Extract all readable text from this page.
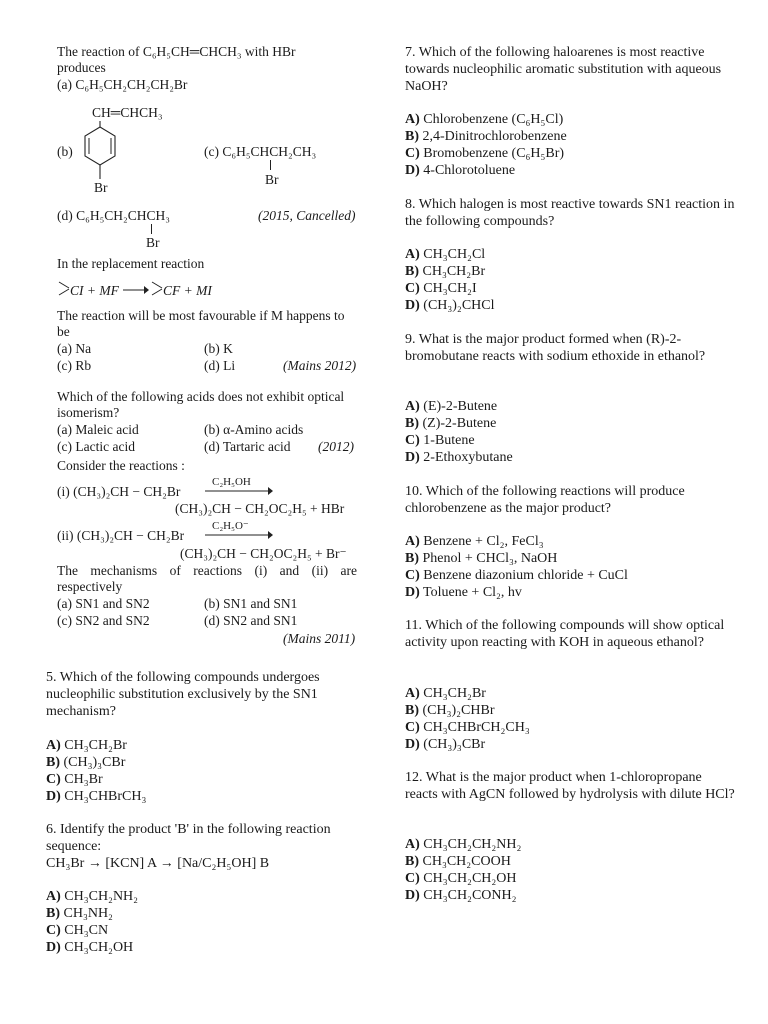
The reaction of C₆H₅CH═CHCH₃ with HBr
produces
(a) C₆H₅CH₂CH₂CH₂Br
CH═CHCH₃
(b)
Br
(c) C₆H₅CHCH₂CH₃
Br
(d) C₆H₅CH₂CHCH₃	(2015, Cancelled)
Br
In the replacement reaction
CI + MF → CF + MI
The reaction will be most favourable if M happens to
be
(a) Na	(b) K
(c) Rb	(d) Li	(Mains 2012)
Which of the following acids does not exhibit optical
isomerism?
(a) Maleic acid	(b) α-Amino acids
(c) Lactic acid	(d) Tartaric acid (2012)
Consider the reactions :
(i) (CH₃)₂CH − CH₂Br
C₂H₅OH
(CH₃)₂CH − CH₂OC₂H₅ + HBr
(ii) (CH₃)₂CH − CH₂Br
C₂H₅O⁻
(CH₃)₂CH − CH₂OC₂H₅ + Br⁻
The mechanisms of reactions (i) and (ii) are
respectively
(a) SN1 and SN2	(b) SN1 and SN1
(c) SN2 and SN2	(d) SN2 and SN1
(Mains 2011)
5. Which of the following compounds undergoes nucleophilic substitution exclusively by the SN1 mechanism?
A) CH₃CH₂Br
B) (CH₃)₃CBr
C) CH₃Br
D) CH₃CHBrCH₃
6. Identify the product 'B' in the following reaction sequence:
CH₃Br → [KCN] A → [Na/C₂H₅OH] B
A) CH₃CH₂NH₂
B) CH₃NH₂
C) CH₃CN
D) CH₃CH₂OH
7. Which of the following haloarenes is most reactive towards nucleophilic aromatic substitution with aqueous NaOH?
A) Chlorobenzene (C₆H₅Cl)
B) 2,4-Dinitrochlorobenzene
C) Bromobenzene (C₆H₅Br)
D) 4-Chlorotoluene
8. Which halogen is most reactive towards SN1 reaction in the following compounds?
A) CH₃CH₂Cl
B) CH₃CH₂Br
C) CH₃CH₂I
D) (CH₃)₂CHCl
9. What is the major product formed when (R)-2-bromobutane reacts with sodium ethoxide in ethanol?
A) (E)-2-Butene
B) (Z)-2-Butene
C) 1-Butene
D) 2-Ethoxybutane
10. Which of the following reactions will produce chlorobenzene as the major product?
A) Benzene + Cl₂, FeCl₃
B) Phenol + CHCl₃, NaOH
C) Benzene diazonium chloride + CuCl
D) Toluene + Cl₂, hv
11. Which of the following compounds will show optical activity upon reacting with KOH in aqueous ethanol?
A) CH₃CH₂Br
B) (CH₃)₂CHBr
C) CH₃CHBrCH₂CH₃
D) (CH₃)₃CBr
12. What is the major product when 1-chloropropane reacts with AgCN followed by hydrolysis with dilute HCl?
A) CH₃CH₂CH₂NH₂
B) CH₃CH₂COOH
C) CH₃CH₂CH₂OH
D) CH₃CH₂CONH₂
